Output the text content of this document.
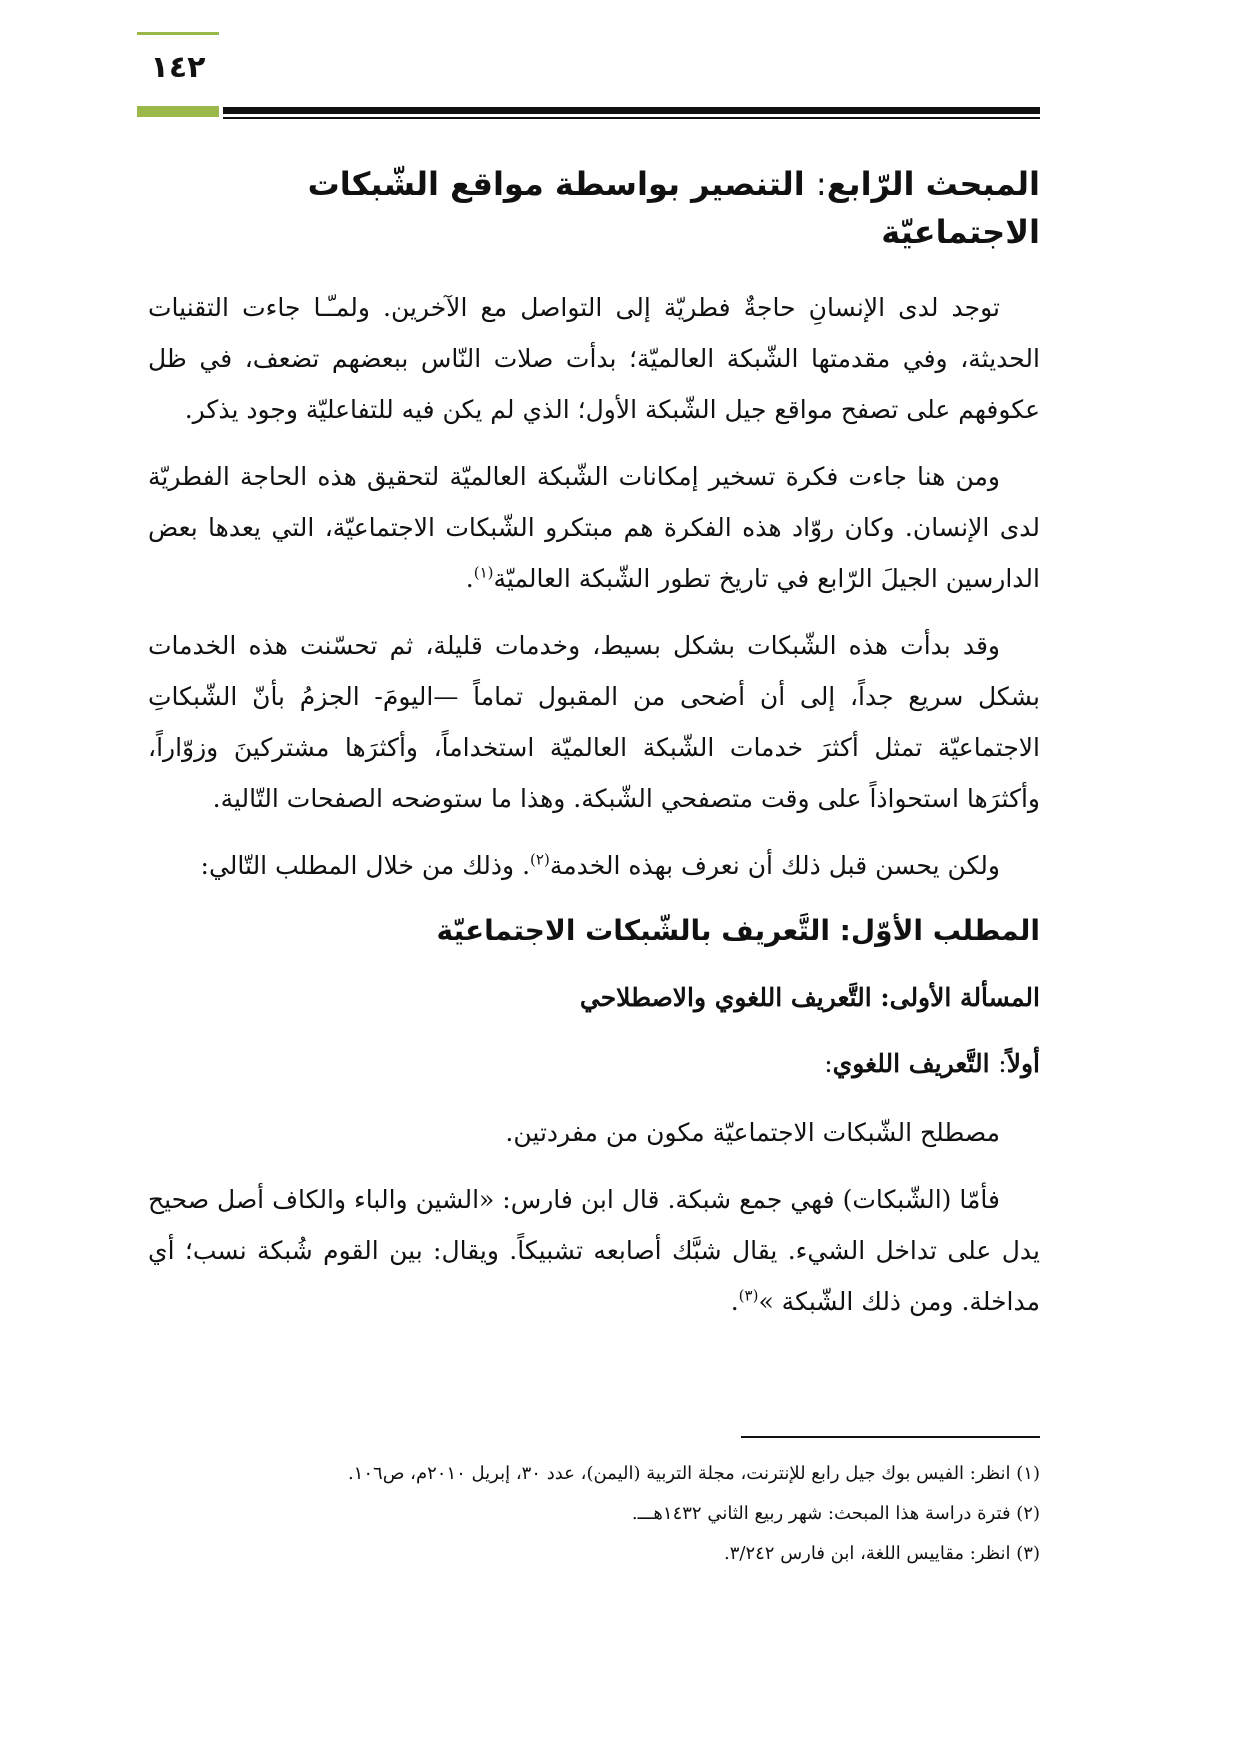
١٤٢
المبحث الرّابع: التنصير بواسطة مواقع الشّبكات الاجتماعيّة

توجد لدى الإنسانِ حاجةٌ فطريّة إلى التواصل مع الآخرين. ولمـّـا جاءت التقنيات الحديثة، وفي مقدمتها الشّبكة العالميّة؛ بدأت صلات النّاس ببعضهم تضعف، في ظل عكوفهم على تصفح مواقع جيل الشّبكة الأول؛ الذي لم يكن فيه للتفاعليّة وجود يذكر.

ومن هنا جاءت فكرة تسخير إمكانات الشّبكة العالميّة لتحقيق هذه الحاجة الفطريّة لدى الإنسان. وكان روّاد هذه الفكرة هم مبتكرو الشّبكات الاجتماعيّة، التي يعدها بعض الدارسين الجيلَ الرّابع في تاريخ تطور الشّبكة العالميّة$^{(١)}$.

وقد بدأت هذه الشّبكات بشكل بسيط، وخدمات قليلة، ثم تحسّنت هذه الخدمات بشكل سريع جداً، إلى أن أضحى من المقبول تماماً —اليومَ- الجزمُ بأنّ الشّبكاتِ الاجتماعيّة تمثل أكثرَ خدمات الشّبكة العالميّة استخداماً، وأكثرَها مشتركينَ وزوّاراً، وأكثرَها استحواذاً على وقت متصفحي الشّبكة. وهذا ما ستوضحه الصفحات التّالية.

ولكن يحسن قبل ذلك أن نعرف بهذه الخدمة$^{(٢)}$. وذلك من خلال المطلب التّالي:

المطلب الأوّل: التَّعريف بالشّبكات الاجتماعيّة
المسألة الأولى: التَّعريف اللغوي والاصطلاحي
أولاً: التَّعريف اللغوي:

مصطلح الشّبكات الاجتماعيّة مكون من مفردتين.

فأمّا (الشّبكات) فهي جمع شبكة. قال ابن فارس: «الشين والباء والكاف أصل صحيح يدل على تداخل الشيء. يقال شبَّك أصابعه تشبيكاً. ويقال: بين القوم شُبكة نسب؛ أي مداخلة. ومن ذلك الشّبكة »$^{(٣)}$.

(١) انظر: الفيس بوك جيل رابع للإنترنت، مجلة التربية (اليمن)، عدد ٣٠، إبريل ٢٠١٠م، ص١٠٦.

(٢) فترة دراسة هذا المبحث: شهر ربيع الثاني ١٤٣٢هـــ.

(٣) انظر: مقاييس اللغة، ابن فارس ٣/٢٤٢.
